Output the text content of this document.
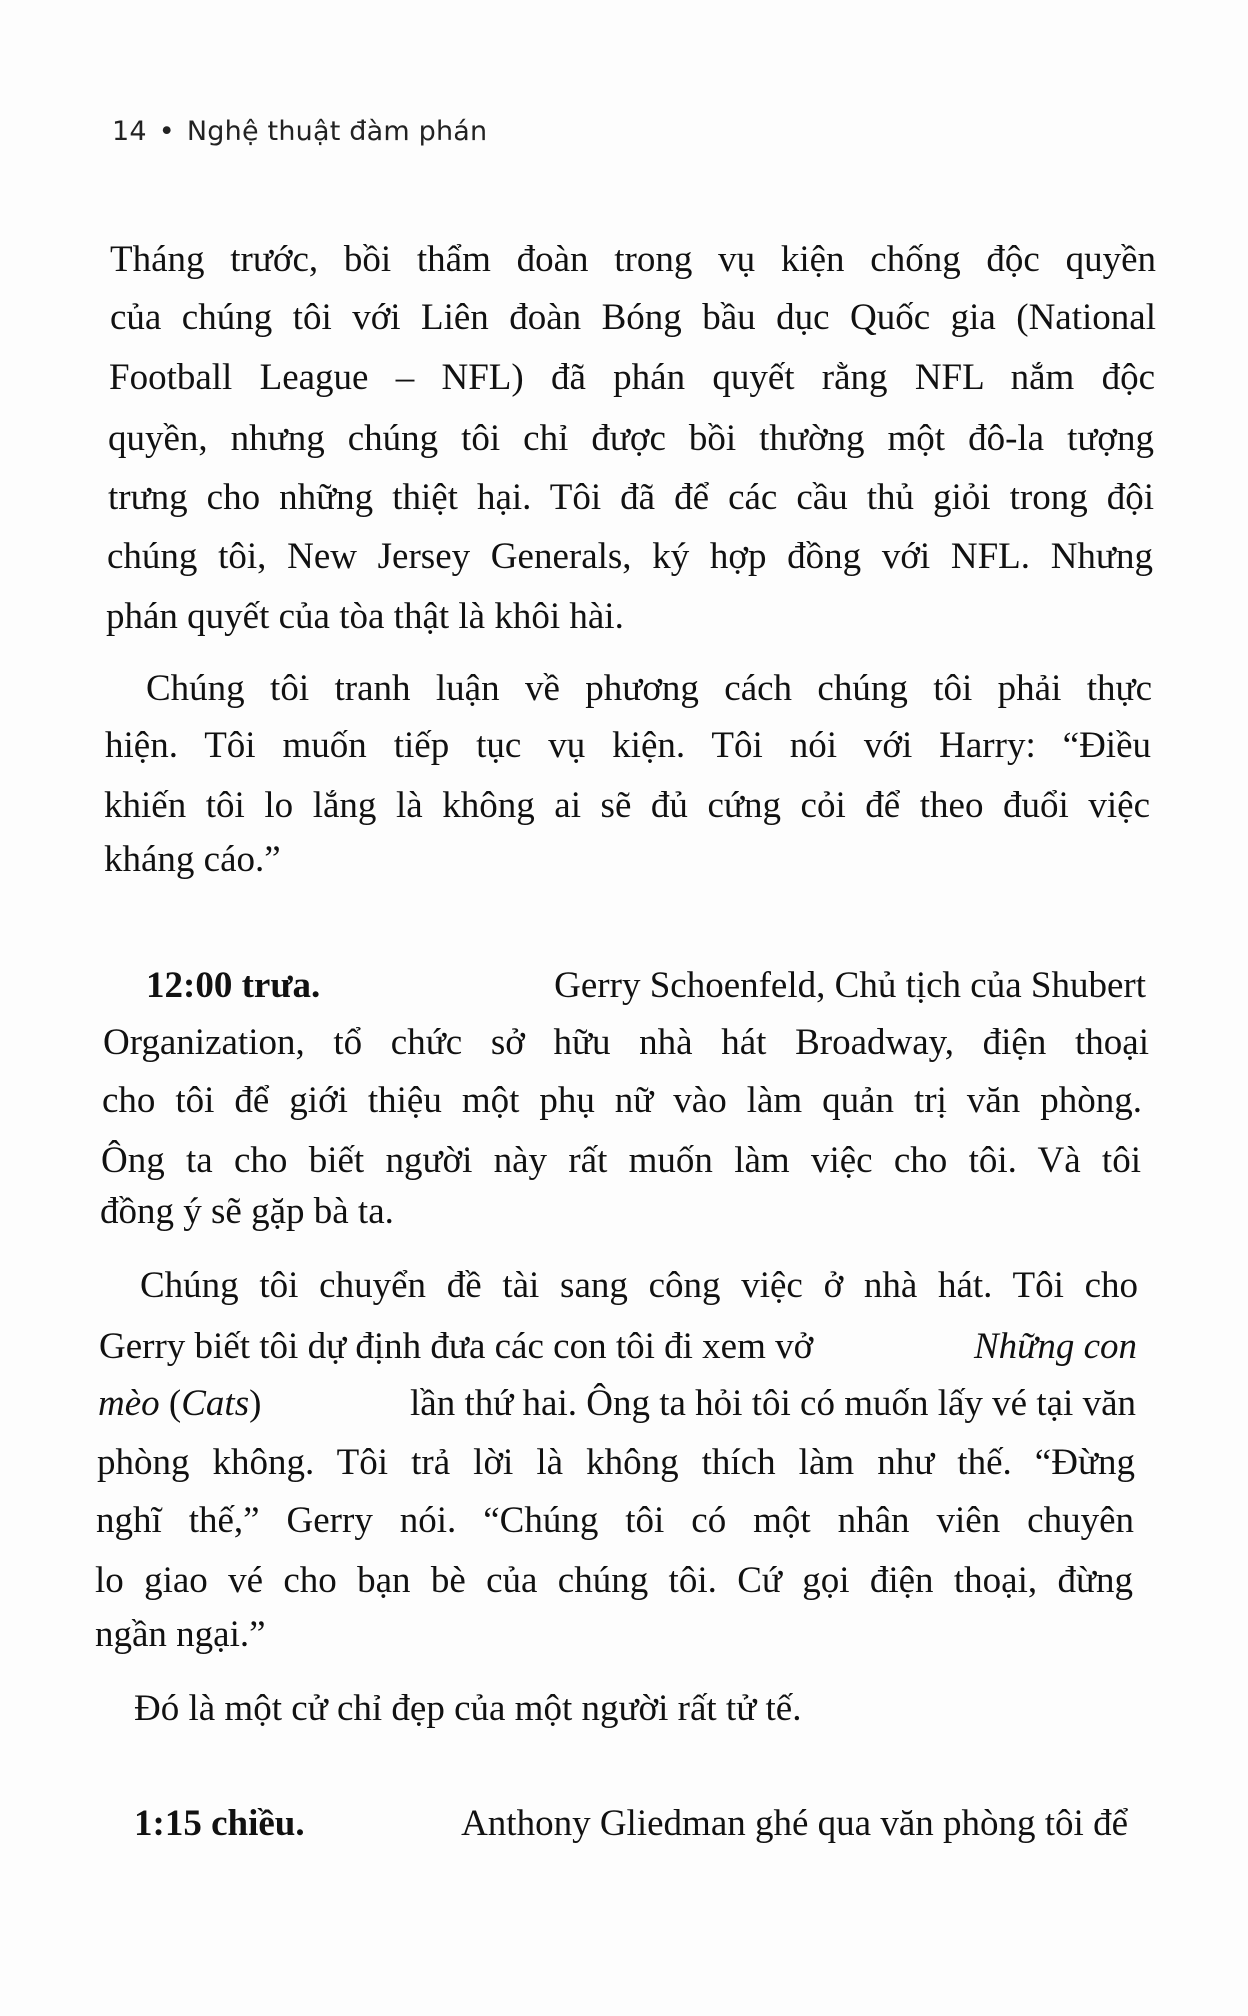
14 • Nghệ thuật đàm phán
Tháng trước, bồi thẩm đoàn trong vụ kiện chống độc quyền
của chúng tôi với Liên đoàn Bóng bầu dục Quốc gia (National
Football League – NFL) đã phán quyết rằng NFL nắm độc
quyền, nhưng chúng tôi chỉ được bồi thường một đô-la tượng
trưng cho những thiệt hại. Tôi đã để các cầu thủ giỏi trong đội
chúng tôi, New Jersey Generals, ký hợp đồng với NFL. Nhưng
phán quyết của tòa thật là khôi hài.
Chúng tôi tranh luận về phương cách chúng tôi phải thực
hiện. Tôi muốn tiếp tục vụ kiện. Tôi nói với Harry: “Điều
khiến tôi lo lắng là không ai sẽ đủ cứng cỏi để theo đuổi việc
kháng cáo.”
12:00 trưa.	Gerry Schoenfeld, Chủ tịch của Shubert
Organization, tổ chức sở hữu nhà hát Broadway, điện thoại
cho tôi để giới thiệu một phụ nữ vào làm quản trị văn phòng.
Ông ta cho biết người này rất muốn làm việc cho tôi. Và tôi
đồng ý sẽ gặp bà ta.
Chúng tôi chuyển đề tài sang công việc ở nhà hát. Tôi cho
Gerry biết tôi dự định đưa các con tôi đi xem vở	Những con
mèo (Cats)	lần thứ hai. Ông ta hỏi tôi có muốn lấy vé tại văn
phòng không. Tôi trả lời là không thích làm như thế. “Đừng
nghĩ thế,” Gerry nói. “Chúng tôi có một nhân viên chuyên
lo giao vé cho bạn bè của chúng tôi. Cứ gọi điện thoại, đừng
ngần ngại.”
Đó là một cử chỉ đẹp của một người rất tử tế.
1:15 chiều.	Anthony Gliedman ghé qua văn phòng tôi để
